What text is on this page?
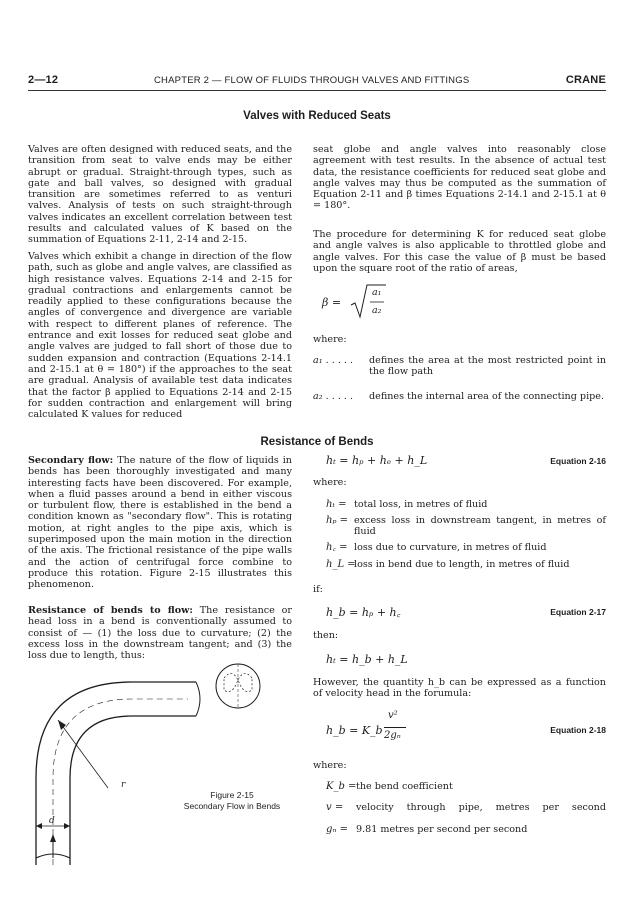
2—12	CHAPTER 2 — FLOW OF FLUIDS THROUGH VALVES AND FITTINGS	CRANE
Valves with Reduced Seats

Valves are often designed with reduced seats, and the transition from seat to valve ends may be either abrupt or gradual. Straight-through types, such as gate and ball valves, so designed with gradual transition are sometimes referred to as venturi valves. Analysis of tests on such straight-through valves indicates an excellent correlation between test results and calculated values of K based on the summation of Equations 2-11, 2-14 and 2-15.

Valves which exhibit a change in direction of the flow path, such as globe and angle valves, are classified as high resistance valves. Equations 2-14 and 2-15 for gradual contractions and enlargements cannot be readily applied to these configurations because the angles of convergence and divergence are variable with respect to different planes of reference. The entrance and exit losses for reduced seat globe and angle valves are judged to fall short of those due to sudden expansion and contraction (Equations 2-14.1 and 2-15.1 at θ = 180°) if the approaches to the seat are gradual. Analysis of available test data indicates that the factor β applied to Equations 2-14 and 2-15 for sudden contraction and enlargement will bring calculated K values for reduced

seat globe and angle valves into reasonably close agreement with test results. In the absence of actual test data, the resistance coefficients for reduced seat globe and angle valves may thus be computed as the summation of Equation 2-11 and β times Equations 2-14.1 and 2-15.1 at θ = 180°.

The procedure for determining K for reduced seat globe and angle valves is also applicable to throttled globe and angle valves. For this case the value of β must be based upon the square root of the ratio of areas,

β =
a₁
a₂
where:
a₁ . . . . . defines the area at the most restricted point in the flow path
a₂ . . . . . defines the internal area of the connecting pipe.
Resistance of Bends

Secondary flow: The nature of the flow of liquids in bends has been thoroughly investigated and many interesting facts have been discovered. For example, when a fluid passes around a bend in either viscous or turbulent flow, there is established in the bend a condition known as "secondary flow". This is rotating motion, at right angles to the pipe axis, which is superimposed upon the main motion in the direction of the axis. The frictional resistance of the pipe walls and the action of centrifugal force combine to produce this rotation. Figure 2-15 illustrates this phenomenon.

Resistance of bends to flow: The resistance or head loss in a bend is conventionally assumed to consist of — (1) the loss due to curvature; (2) the excess loss in the downstream tangent; and (3) the loss due to length, thus:

r
d
Figure 2-15
Secondary Flow in Bends
hₜ = hₚ + hₑ + h_L	Equation 2-16
where:
hₜ = total loss, in metres of fluid
hₚ = excess loss in downstream tangent, in metres of fluid
h꜀ = loss due to curvature, in metres of fluid
h_L =
loss in bend due to length, in metres of fluid
if:
h_b = hₚ + h꜀	Equation 2-17
then:
hₜ = h_b + h_L

However, the quantity h_b can be expressed as a function of velocity head in the forumula:

h_b = K_b
v²
2gₙ	Equation 2-18
where:
K_b = the bend coefficient
v = velocity through pipe, metres per second
gₙ = 9.81 metres per second per second
